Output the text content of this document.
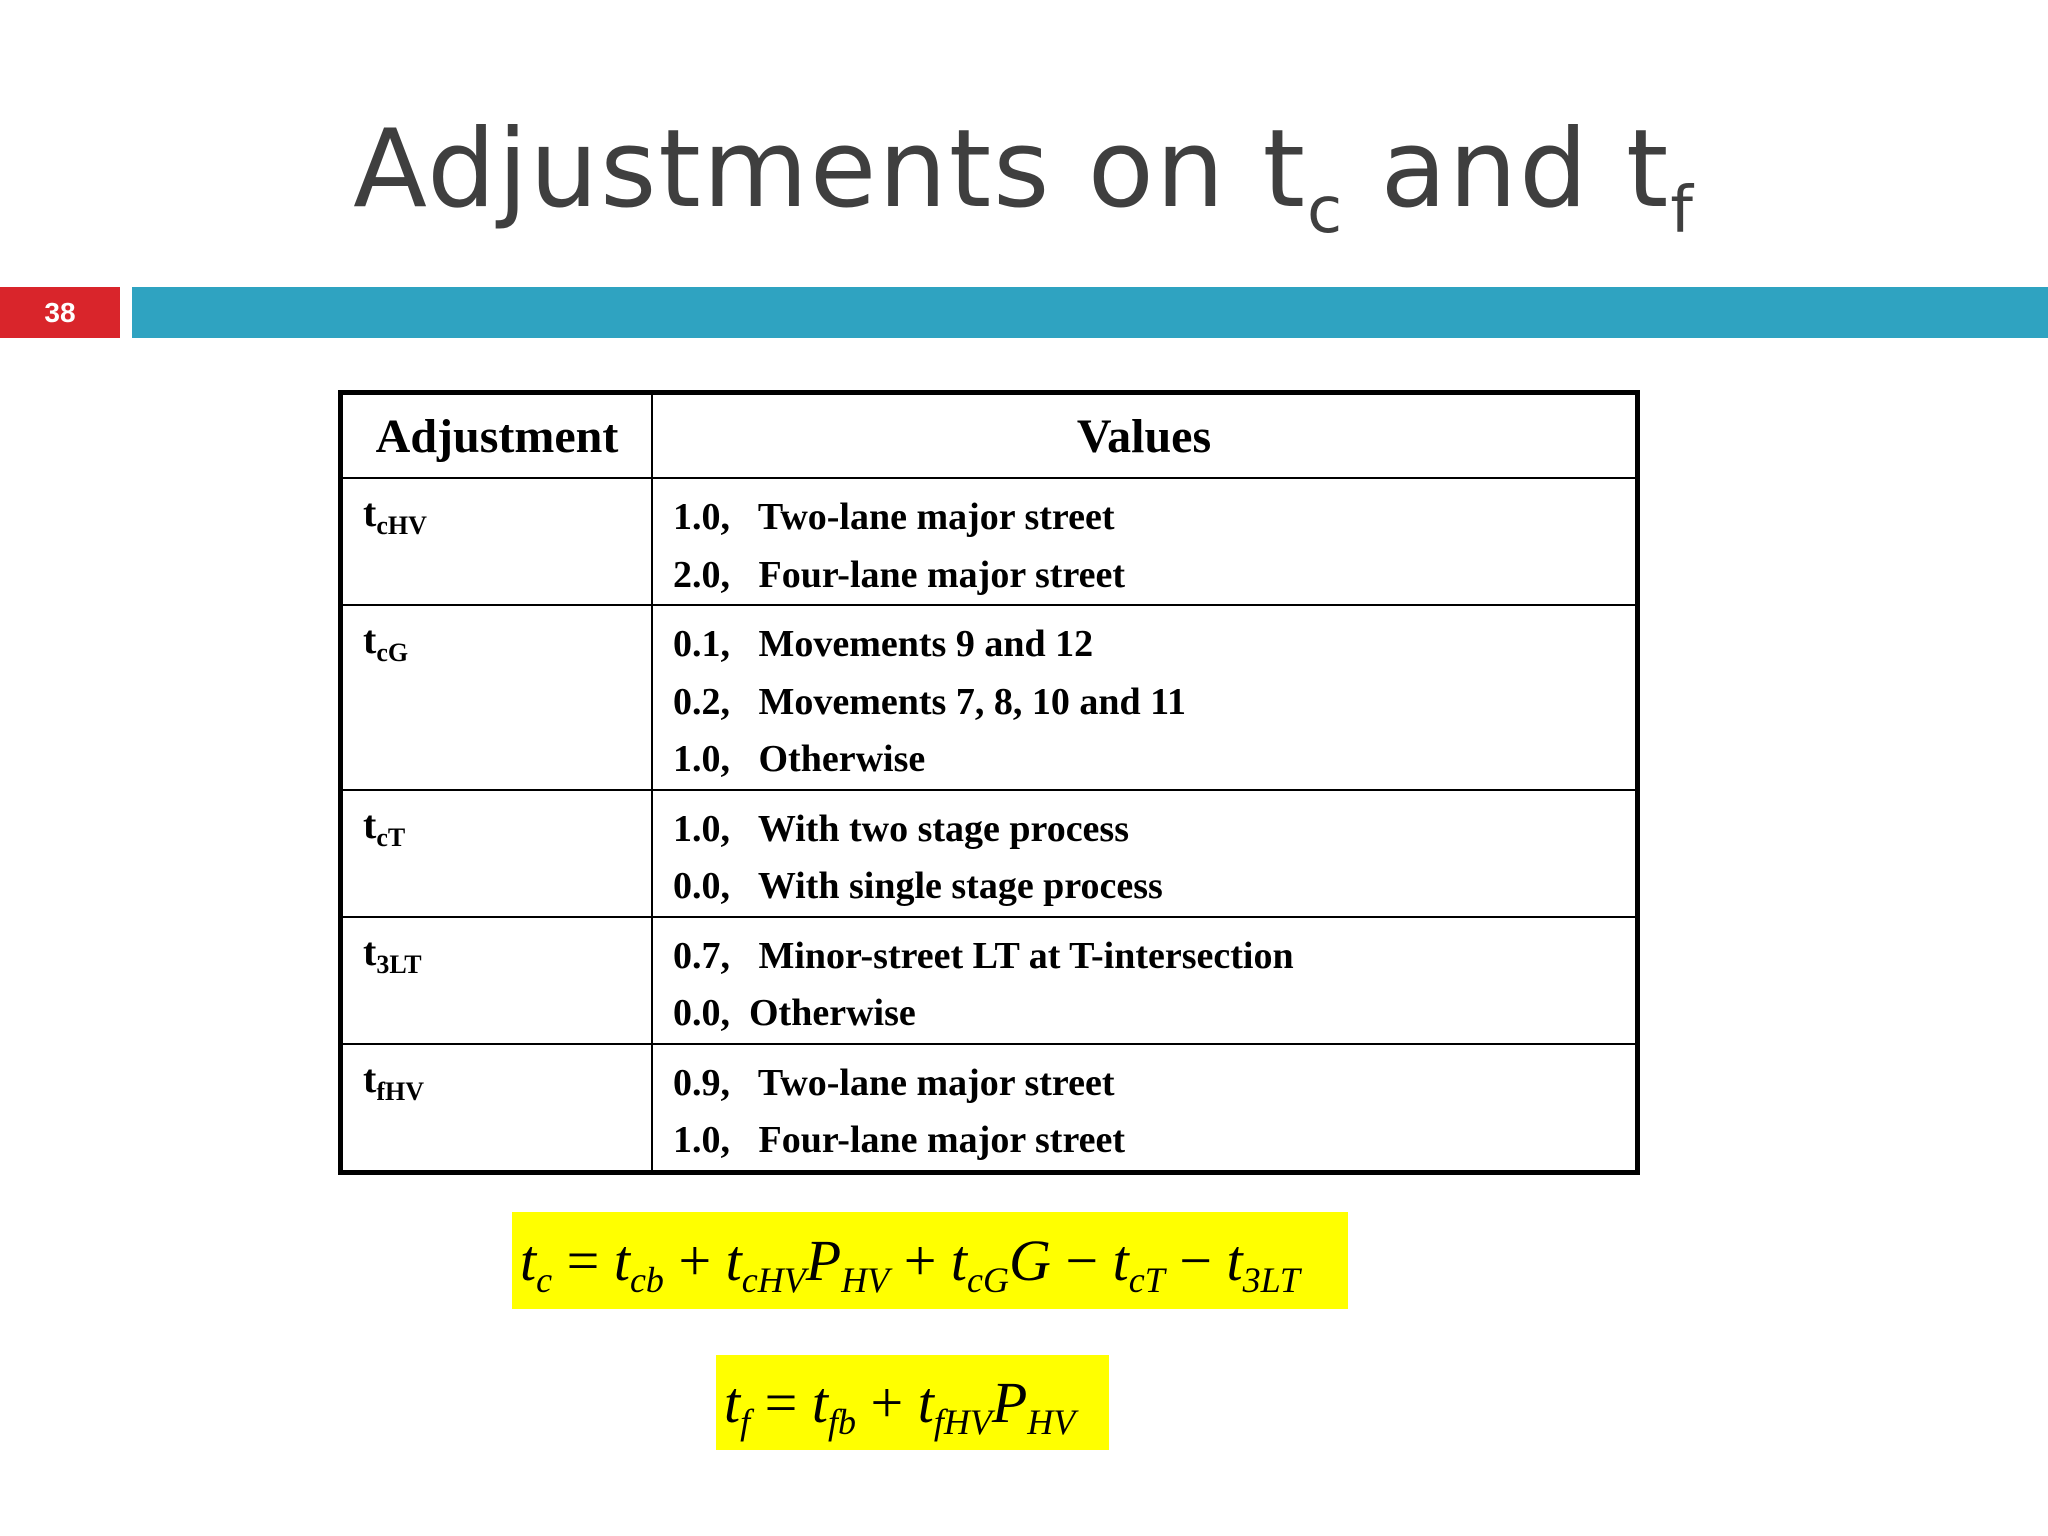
Adjustments on $t_c$ and $t_f$
38
Adjustment	Values
$t_{cHV}$	1.0,   Two-lane major street
2.0,   Four-lane major street

$t_{cG}$	0.1,   Movements 9 and 12
0.2,   Movements 7, 8, 10 and 11
1.0,   Otherwise

$t_{cT}$	1.0,   With two stage process
0.0,   With single stage process

$t_{3LT}$	0.7,   Minor-street LT at T-intersection
0.0,  Otherwise

$t_{fHV}$	0.9,   Two-lane major street
1.0,   Four-lane major street
$t_c = t_{cb} + t_{cHV}P_{HV} + t_{cG}G - t_{cT} - t_{3LT}$
$t_f = t_{fb} + t_{fHV}P_{HV}$
